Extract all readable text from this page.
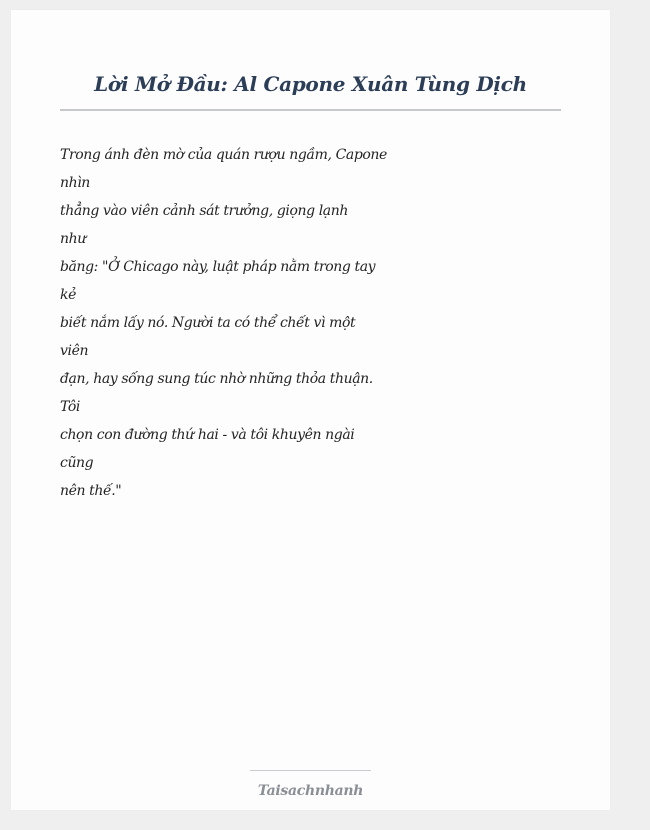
Lời Mở Đầu: Al Capone Xuân Tùng Dịch
Trong ánh đèn mờ của quán rượu ngầm, Capone
nhìn
thẳng vào viên cảnh sát trưởng, giọng lạnh
như
băng: "Ở Chicago này, luật pháp nằm trong tay
kẻ
biết nắm lấy nó. Người ta có thể chết vì một
viên
đạn, hay sống sung túc nhờ những thỏa thuận.
Tôi
chọn con đường thứ hai - và tôi khuyên ngài
cũng
nên thế."
Taisachnhanh
